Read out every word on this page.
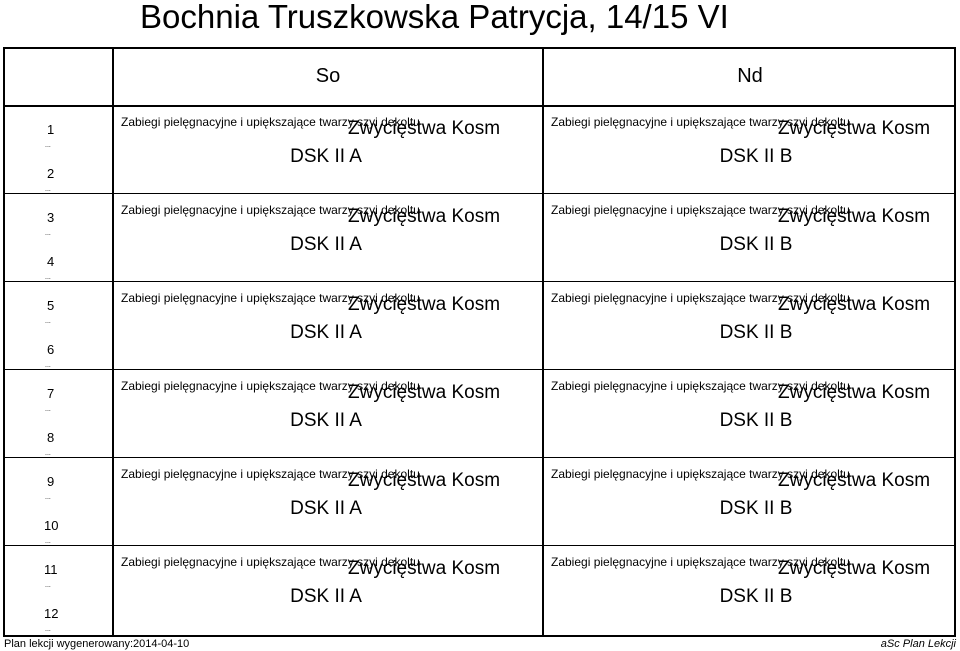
Bochnia Truszkowska Patrycja, 14/15 VI
So	Nd
1
...
2
...
3
...
4
...
5
...
6
...
7
...
8
...
9
...
10
...
11
...
12
...
Zabiegi pielęgnacyjne i upiększające twarzy szyi dekoltu
Zwycięstwa Kosm
DSK II A
Zabiegi pielęgnacyjne i upiększające twarzy szyi dekoltu
Zwycięstwa Kosm
DSK II A
Zabiegi pielęgnacyjne i upiększające twarzy szyi dekoltu
Zwycięstwa Kosm
DSK II A
Zabiegi pielęgnacyjne i upiększające twarzy szyi dekoltu
Zwycięstwa Kosm
DSK II A
Zabiegi pielęgnacyjne i upiększające twarzy szyi dekoltu
Zwycięstwa Kosm
DSK II A
Zabiegi pielęgnacyjne i upiększające twarzy szyi dekoltu
Zwycięstwa Kosm
DSK II A
Zabiegi pielęgnacyjne i upiększające twarzy szyi dekoltu
Zwycięstwa Kosm
DSK II B
Zabiegi pielęgnacyjne i upiększające twarzy szyi dekoltu
Zwycięstwa Kosm
DSK II B
Zabiegi pielęgnacyjne i upiększające twarzy szyi dekoltu
Zwycięstwa Kosm
DSK II B
Zabiegi pielęgnacyjne i upiększające twarzy szyi dekoltu
Zwycięstwa Kosm
DSK II B
Zabiegi pielęgnacyjne i upiększające twarzy szyi dekoltu
Zwycięstwa Kosm
DSK II B
Zabiegi pielęgnacyjne i upiększające twarzy szyi dekoltu
Zwycięstwa Kosm
DSK II B
Plan lekcji wygenerowany:2014-04-10	aSc Plan Lekcji
